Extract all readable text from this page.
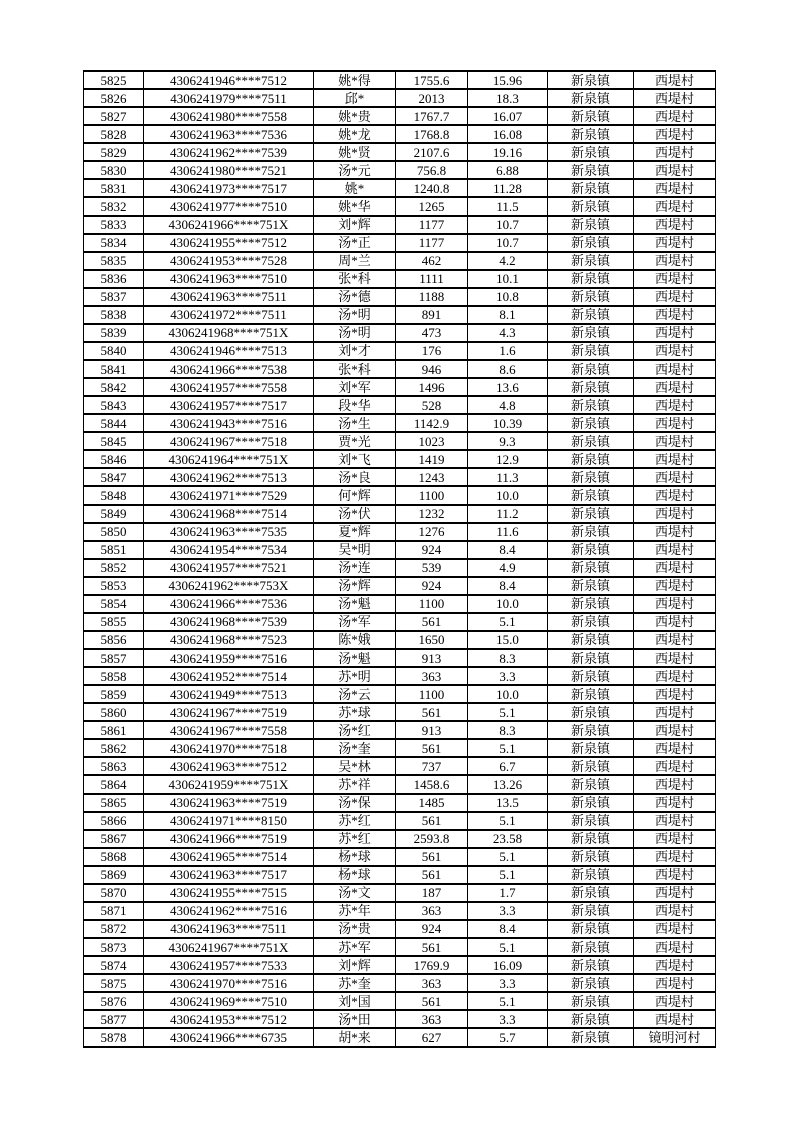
5825	4306241946****7512	姚*得	1755.6	15.96	新泉镇	西堤村
5826	4306241979****7511	邱*	2013	18.3	新泉镇	西堤村
5827	4306241980****7558	姚*贵	1767.7	16.07	新泉镇	西堤村
5828	4306241963****7536	姚*龙	1768.8	16.08	新泉镇	西堤村
5829	4306241962****7539	姚*贤	2107.6	19.16	新泉镇	西堤村
5830	4306241980****7521	汤*元	756.8	6.88	新泉镇	西堤村
5831	4306241973****7517	姚*	1240.8	11.28	新泉镇	西堤村
5832	4306241977****7510	姚*华	1265	11.5	新泉镇	西堤村
5833	4306241966****751X	刘*辉	1177	10.7	新泉镇	西堤村
5834	4306241955****7512	汤*正	1177	10.7	新泉镇	西堤村
5835	4306241953****7528	周*兰	462	4.2	新泉镇	西堤村
5836	4306241963****7510	张*科	1111	10.1	新泉镇	西堤村
5837	4306241963****7511	汤*德	1188	10.8	新泉镇	西堤村
5838	4306241972****7511	汤*明	891	8.1	新泉镇	西堤村
5839	4306241968****751X	汤*明	473	4.3	新泉镇	西堤村
5840	4306241946****7513	刘*才	176	1.6	新泉镇	西堤村
5841	4306241966****7538	张*科	946	8.6	新泉镇	西堤村
5842	4306241957****7558	刘*军	1496	13.6	新泉镇	西堤村
5843	4306241957****7517	段*华	528	4.8	新泉镇	西堤村
5844	4306241943****7516	汤*生	1142.9	10.39	新泉镇	西堤村
5845	4306241967****7518	贾*光	1023	9.3	新泉镇	西堤村
5846	4306241964****751X	刘*飞	1419	12.9	新泉镇	西堤村
5847	4306241962****7513	汤*良	1243	11.3	新泉镇	西堤村
5848	4306241971****7529	何*辉	1100	10.0	新泉镇	西堤村
5849	4306241968****7514	汤*伏	1232	11.2	新泉镇	西堤村
5850	4306241963****7535	夏*辉	1276	11.6	新泉镇	西堤村
5851	4306241954****7534	吴*明	924	8.4	新泉镇	西堤村
5852	4306241957****7521	汤*连	539	4.9	新泉镇	西堤村
5853	4306241962****753X	汤*辉	924	8.4	新泉镇	西堤村
5854	4306241966****7536	汤*魁	1100	10.0	新泉镇	西堤村
5855	4306241968****7539	汤*军	561	5.1	新泉镇	西堤村
5856	4306241968****7523	陈*娥	1650	15.0	新泉镇	西堤村
5857	4306241959****7516	汤*魁	913	8.3	新泉镇	西堤村
5858	4306241952****7514	苏*明	363	3.3	新泉镇	西堤村
5859	4306241949****7513	汤*云	1100	10.0	新泉镇	西堤村
5860	4306241967****7519	苏*球	561	5.1	新泉镇	西堤村
5861	4306241967****7558	汤*红	913	8.3	新泉镇	西堤村
5862	4306241970****7518	汤*奎	561	5.1	新泉镇	西堤村
5863	4306241963****7512	吴*林	737	6.7	新泉镇	西堤村
5864	4306241959****751X	苏*祥	1458.6	13.26	新泉镇	西堤村
5865	4306241963****7519	汤*保	1485	13.5	新泉镇	西堤村
5866	4306241971****8150	苏*红	561	5.1	新泉镇	西堤村
5867	4306241966****7519	苏*红	2593.8	23.58	新泉镇	西堤村
5868	4306241965****7514	杨*球	561	5.1	新泉镇	西堤村
5869	4306241963****7517	杨*球	561	5.1	新泉镇	西堤村
5870	4306241955****7515	汤*文	187	1.7	新泉镇	西堤村
5871	4306241962****7516	苏*年	363	3.3	新泉镇	西堤村
5872	4306241963****7511	汤*贵	924	8.4	新泉镇	西堤村
5873	4306241967****751X	苏*军	561	5.1	新泉镇	西堤村
5874	4306241957****7533	刘*辉	1769.9	16.09	新泉镇	西堤村
5875	4306241970****7516	苏*奎	363	3.3	新泉镇	西堤村
5876	4306241969****7510	刘*国	561	5.1	新泉镇	西堤村
5877	4306241953****7512	汤*田	363	3.3	新泉镇	西堤村
5878	4306241966****6735	胡*来	627	5.7	新泉镇	镜明河村
